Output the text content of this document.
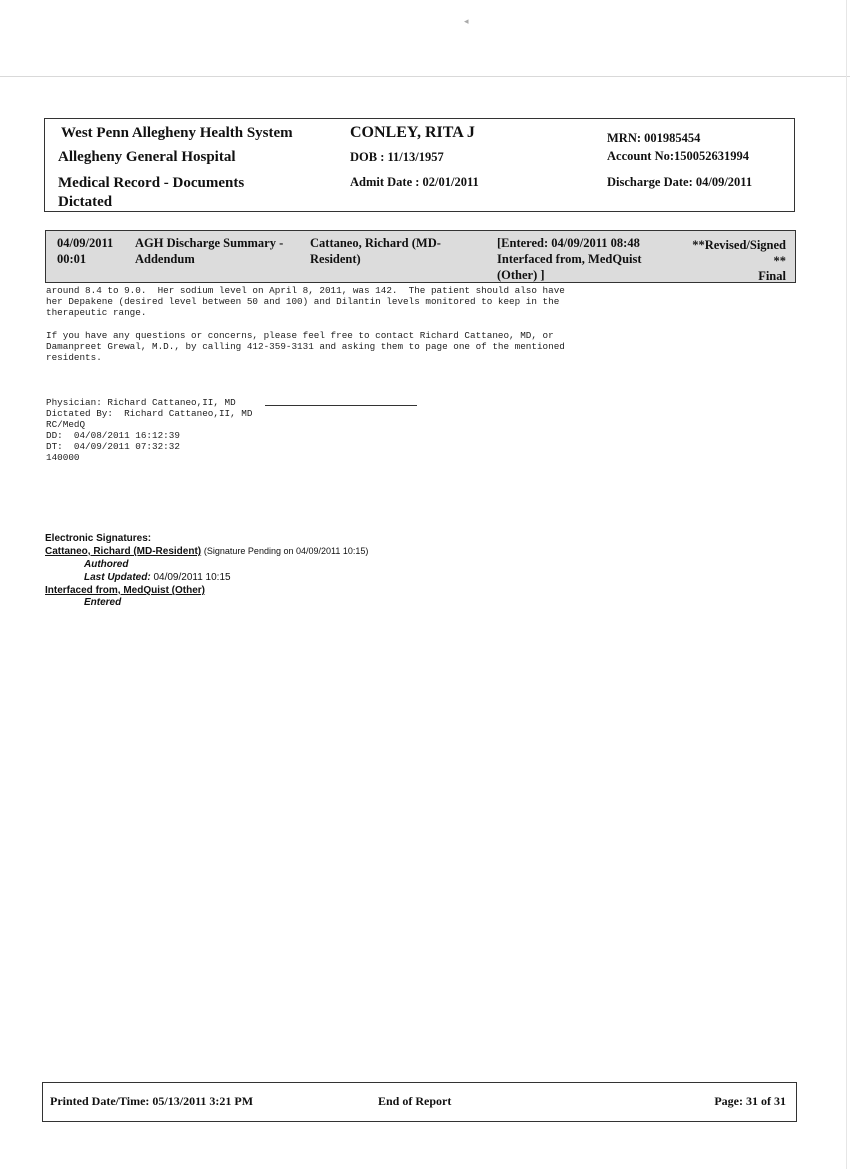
◂
West Penn Allegheny Health System
Allegheny General Hospital
Medical Record - Documents
Dictated
CONLEY, RITA J
DOB : 11/13/1957
Admit Date : 02/01/2011
MRN: 001985454
Account No:150052631994
Discharge Date: 04/09/2011
04/09/2011
00:01
AGH Discharge Summary -
Addendum
Cattaneo, Richard (MD-
Resident)
[Entered: 04/09/2011 08:48
Interfaced from, MedQuist
(Other) ]
**Revised/Signed
**
Final
around 8.4 to 9.0.  Her sodium level on April 8, 2011, was 142.  The patient should also have
her Depakene (desired level between 50 and 100) and Dilantin levels monitored to keep in the
therapeutic range.
If you have any questions or concerns, please feel free to contact Richard Cattaneo, MD, or
Damanpreet Grewal, M.D., by calling 412-359-3131 and asking them to page one of the mentioned
residents.
Physician: Richard Cattaneo,II, MD
Dictated By:  Richard Cattaneo,II, MD
RC/MedQ
DD:  04/08/2011 16:12:39
DT:  04/09/2011 07:32:32
140000
Electronic Signatures:
Cattaneo, Richard (MD-Resident) (Signature Pending on 04/09/2011 10:15)
Authored
Last Updated: 04/09/2011 10:15
Interfaced from, MedQuist (Other)
Entered
Printed Date/Time: 05/13/2011 3:21 PM	End of Report	Page: 31 of 31
